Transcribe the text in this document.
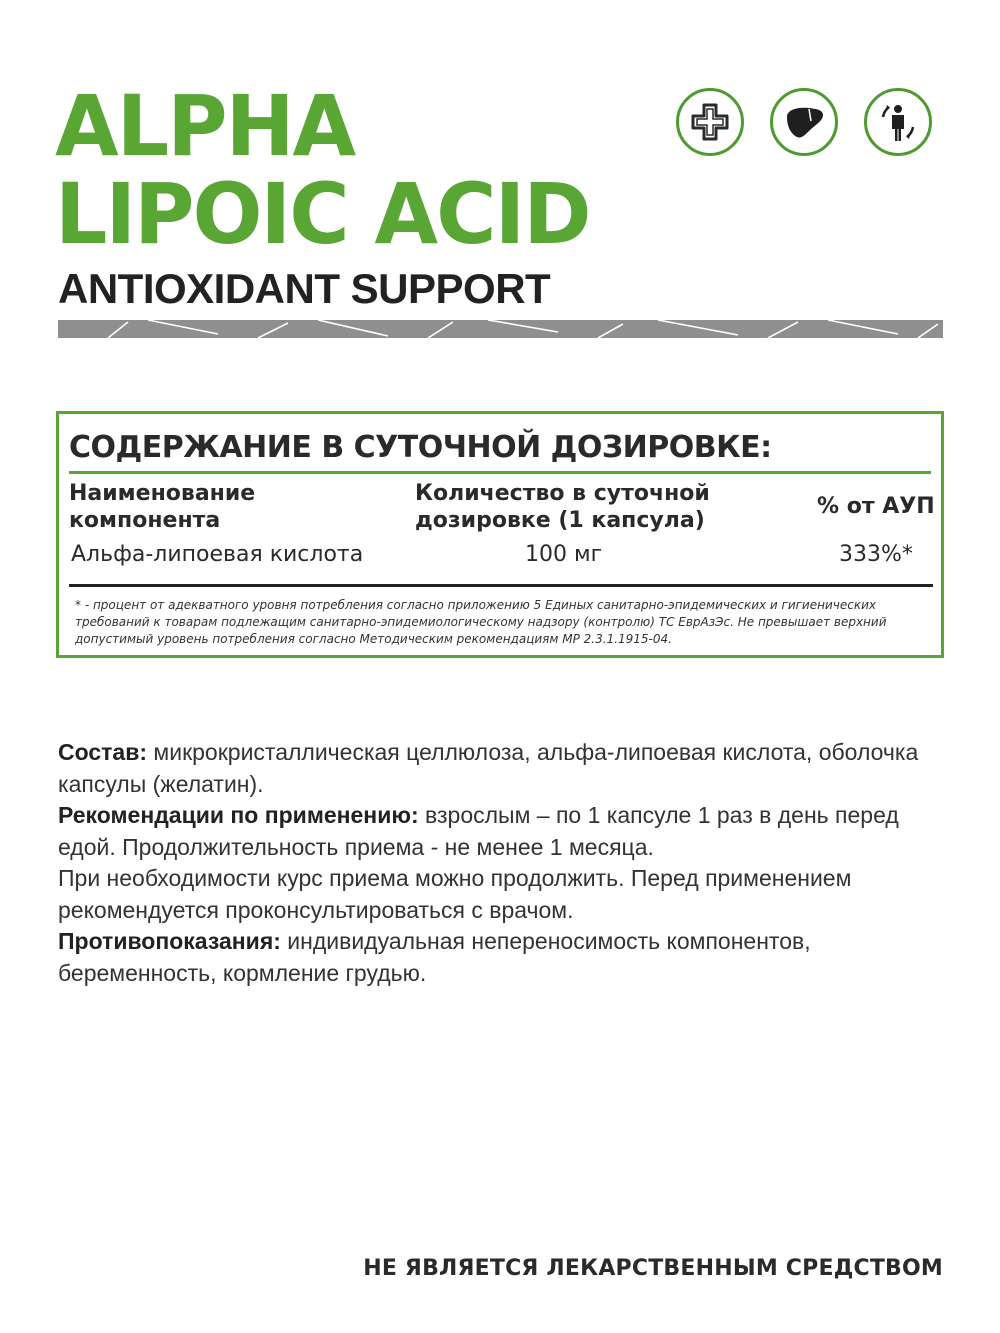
ALPHA
LIPOIC ACID
ANTIOXIDANT SUPPORT
СОДЕРЖАНИЕ В СУТОЧНОЙ ДОЗИРОВКЕ:

Наименование компонента

Количество в суточной дозировке (1 капсула)

% от АУП

Альфа-липоевая кислота	100 мг	333%*

* - процент от адекватного уровня потребления согласно приложению 5 Единых санитарно-эпидемических и гигиенических требований к товарам подлежащим санитарно-эпидемиологическому надзору (контролю) ТС ЕврАзЭс. Не превышает верхний допустимый уровень потребления согласно Методическим рекомендациям МР 2.3.1.1915-04.

Состав: микрокристаллическая целлюлоза, альфа-липоевая кислота, оболочка капсулы (желатин).

Рекомендации по применению: взрослым – по 1 капсуле 1 раз в день перед едой. Продолжительность приема - не менее 1 месяца.

При необходимости курс приема можно продолжить. Перед применением рекомендуется проконсультироваться с врачом.

Противопоказания: индивидуальная непереносимость компонентов, беременность, кормление грудью.

НЕ ЯВЛЯЕТСЯ ЛЕКАРСТВЕННЫМ СРЕДСТВОМ
